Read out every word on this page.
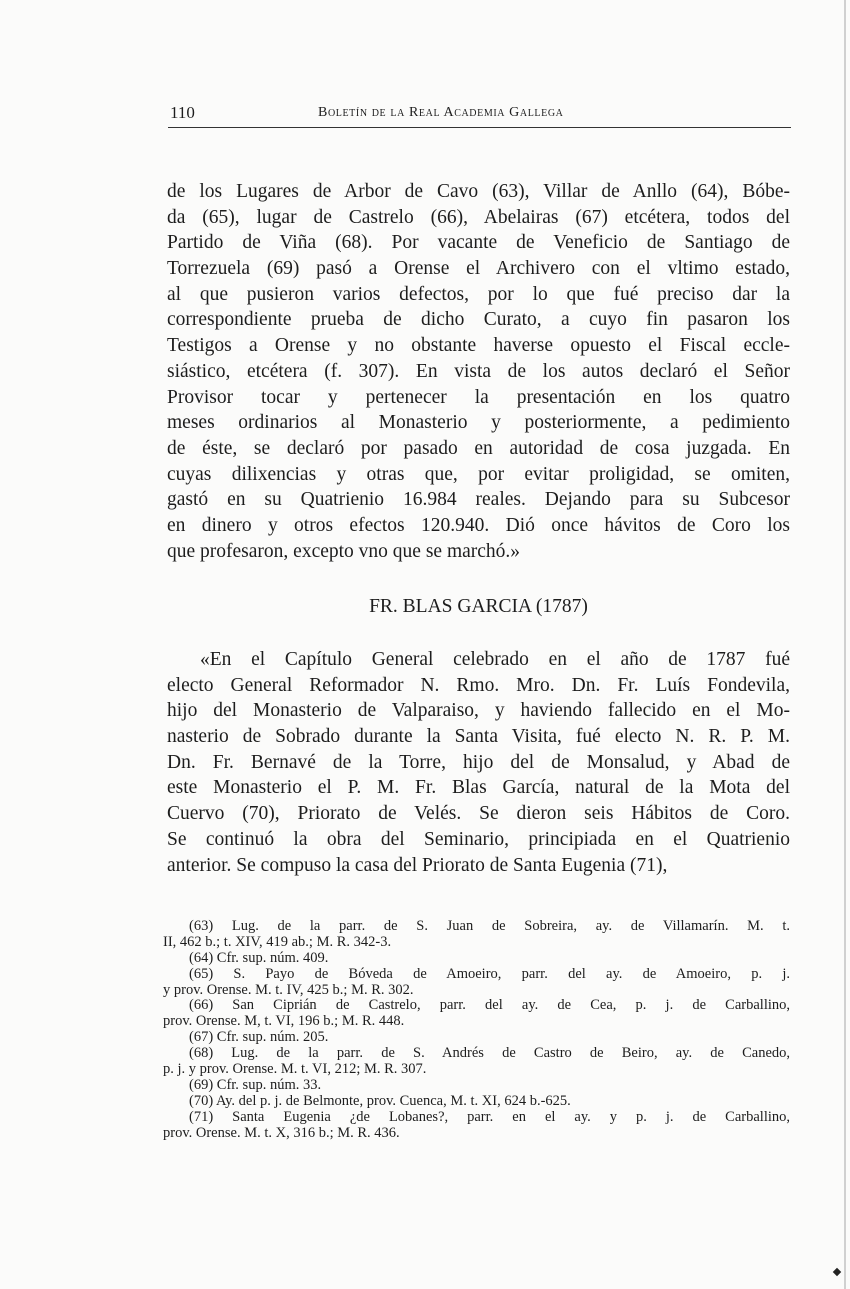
110	Boletín de la Real Academia Gallega
de los Lugares de Arbor de Cavo (63), Villar de Anllo (64), Bóbe-
da (65), lugar de Castrelo (66), Abelairas (67) etcétera, todos del
Partido de Viña (68). Por vacante de Veneficio de Santiago de
Torrezuela (69) pasó a Orense el Archivero con el vltimo estado,
al que pusieron varios defectos, por lo que fué preciso dar la
correspondiente prueba de dicho Curato, a cuyo fin pasaron los
Testigos a Orense y no obstante haverse opuesto el Fiscal eccle-
siástico, etcétera (f. 307). En vista de los autos declaró el Señor
Provisor tocar y pertenecer la presentación en los quatro
meses ordinarios al Monasterio y posteriormente, a pedimiento
de éste, se declaró por pasado en autoridad de cosa juzgada. En
cuyas dilixencias y otras que, por evitar proligidad, se omiten,
gastó en su Quatrienio 16.984 reales. Dejando para su Subcesor
en dinero y otros efectos 120.940. Dió once hávitos de Coro los
que profesaron, excepto vno que se marchó.»
FR. BLAS GARCIA (1787)
«En el Capítulo General celebrado en el año de 1787 fué
electo General Reformador N. Rmo. Mro. Dn. Fr. Luís Fondevila,
hijo del Monasterio de Valparaiso, y haviendo fallecido en el Mo-
nasterio de Sobrado durante la Santa Visita, fué electo N. R. P. M.
Dn. Fr. Bernavé de la Torre, hijo del de Monsalud, y Abad de
este Monasterio el P. M. Fr. Blas García, natural de la Mota del
Cuervo (70), Priorato de Velés. Se dieron seis Hábitos de Coro.
Se continuó la obra del Seminario, principiada en el Quatrienio
anterior. Se compuso la casa del Priorato de Santa Eugenia (71),
(63) Lug. de la parr. de S. Juan de Sobreira, ay. de Villamarín. M. t.
II, 462 b.; t. XIV, 419 ab.; M. R. 342-3.
(64) Cfr. sup. núm. 409.
(65) S. Payo de Bóveda de Amoeiro, parr. del ay. de Amoeiro, p. j.
y prov. Orense. M. t. IV, 425 b.; M. R. 302.
(66) San Ciprián de Castrelo, parr. del ay. de Cea, p. j. de Carballino,
prov. Orense. M, t. VI, 196 b.; M. R. 448.
(67) Cfr. sup. núm. 205.
(68) Lug. de la parr. de S. Andrés de Castro de Beiro, ay. de Canedo,
p. j. y prov. Orense. M. t. VI, 212; M. R. 307.
(69) Cfr. sup. núm. 33.
(70) Ay. del p. j. de Belmonte, prov. Cuenca, M. t. XI, 624 b.-625.
(71) Santa Eugenia ¿de Lobanes?, parr. en el ay. y p. j. de Carballino,
prov. Orense. M. t. X, 316 b.; M. R. 436.
